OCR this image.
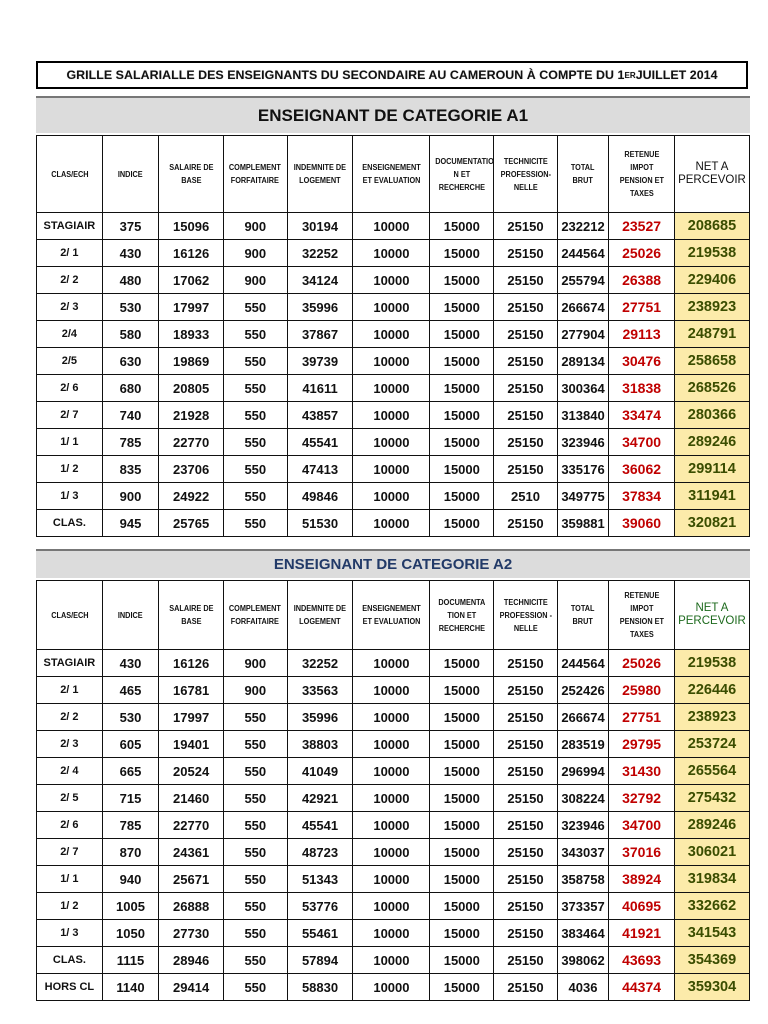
GRILLE SALARIALLE DES ENSEIGNANTS DU SECONDAIRE AU CAMEROUN À COMPTE DU 1 ER JUILLET 2014
ENSEIGNANT DE CATEGORIE A1
CLAS/ECH	INDICE	SALAIRE DE BASE	COMPLEMENT FORFAITAIRE	INDEMNITE DE LOGEMENT	ENSEIGNEMENT ET EVALUATION	DOCUMENTATIO N ET RECHERCHE	TECHNICITE PROFESSION-NELLE	TOTAL BRUT	RETENUE IMPOT PENSION ET TAXES	NET A PERCEVOIR
STAGIAIR	375	15096	900	30194	10000	15000	25150	232212	23527	208685
2/ 1	430	16126	900	32252	10000	15000	25150	244564	25026	219538
2/ 2	480	17062	900	34124	10000	15000	25150	255794	26388	229406
2/ 3	530	17997	550	35996	10000	15000	25150	266674	27751	238923
2/4	580	18933	550	37867	10000	15000	25150	277904	29113	248791
2/5	630	19869	550	39739	10000	15000	25150	289134	30476	258658
2/ 6	680	20805	550	41611	10000	15000	25150	300364	31838	268526
2/ 7	740	21928	550	43857	10000	15000	25150	313840	33474	280366
1/ 1	785	22770	550	45541	10000	15000	25150	323946	34700	289246
1/ 2	835	23706	550	47413	10000	15000	25150	335176	36062	299114
1/ 3	900	24922	550	49846	10000	15000	2510	349775	37834	311941
CLAS.	945	25765	550	51530	10000	15000	25150	359881	39060	320821
ENSEIGNANT DE CATEGORIE A2
CLAS/ECH	INDICE	SALAIRE DE BASE	COMPLEMENT FORFAITAIRE	INDEMNITE DE LOGEMENT	ENSEIGNEMENT ET EVALUATION	DOCUMENTA TION ET RECHERCHE	TECHNICITE PROFESSION -NELLE	TOTAL BRUT	RETENUE IMPOT PENSION ET TAXES	NET A PERCEVOIR
STAGIAIR	430	16126	900	32252	10000	15000	25150	244564	25026	219538
2/ 1	465	16781	900	33563	10000	15000	25150	252426	25980	226446
2/ 2	530	17997	550	35996	10000	15000	25150	266674	27751	238923
2/ 3	605	19401	550	38803	10000	15000	25150	283519	29795	253724
2/ 4	665	20524	550	41049	10000	15000	25150	296994	31430	265564
2/ 5	715	21460	550	42921	10000	15000	25150	308224	32792	275432
2/ 6	785	22770	550	45541	10000	15000	25150	323946	34700	289246
2/ 7	870	24361	550	48723	10000	15000	25150	343037	37016	306021
1/ 1	940	25671	550	51343	10000	15000	25150	358758	38924	319834
1/ 2	1005	26888	550	53776	10000	15000	25150	373357	40695	332662
1/ 3	1050	27730	550	55461	10000	15000	25150	383464	41921	341543
CLAS.	1115	28946	550	57894	10000	15000	25150	398062	43693	354369
HORS CL	1140	29414	550	58830	10000	15000	25150	4036	44374	359304
